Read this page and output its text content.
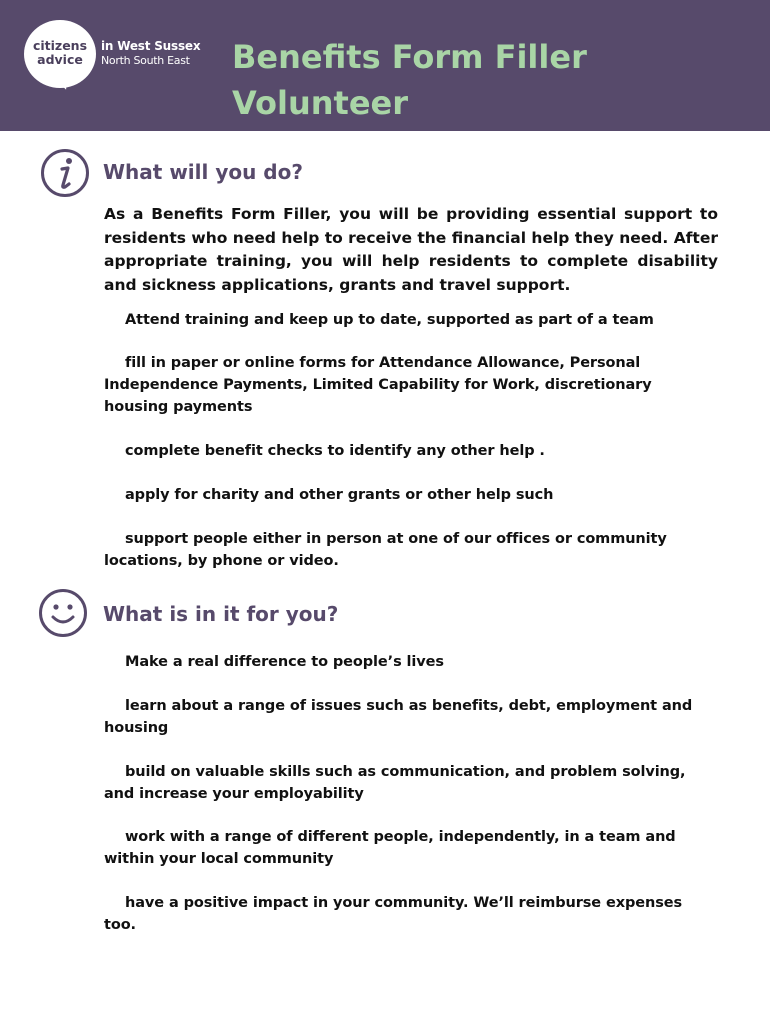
citizens
advice
in West Sussex
North South East Benefits Form Filler
Volunteer
What will you do?
As a Benefits Form Filler, you will be providing essential support to residents who need help to receive the financial help they need. After appropriate training, you will help residents to complete disability and sickness applications, grants and travel support.
Attend training and keep up to date, supported as part of a team
fill in paper or online forms for Attendance Allowance, Personal Independence Payments, Limited Capability for Work, discretionary housing payments
complete benefit checks to identify any other help .
apply for charity and other grants or other help such
support people either in person at one of our offices or community locations, by phone or video.
What is in it for you?
Make a real difference to people’s lives
learn about a range of issues such as benefits, debt, employment and housing
build on valuable skills such as communication, and problem solving, and increase your employability
work with a range of different people, independently, in a team and within your local community
have a positive impact in your community. We’ll reimburse expenses too.
